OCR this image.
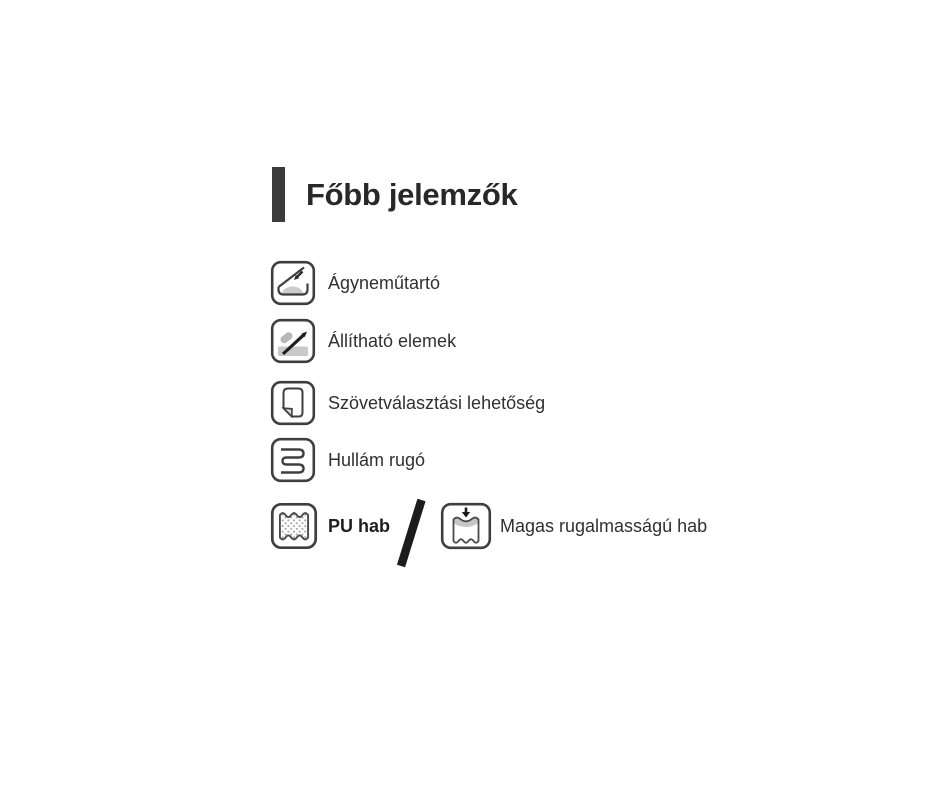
Főbb jelemzők
Ágyneműtartó
Állítható elemek
Szövetválasztási lehetőség
Hullám rugó
PU hab	Magas rugalmasságú hab
